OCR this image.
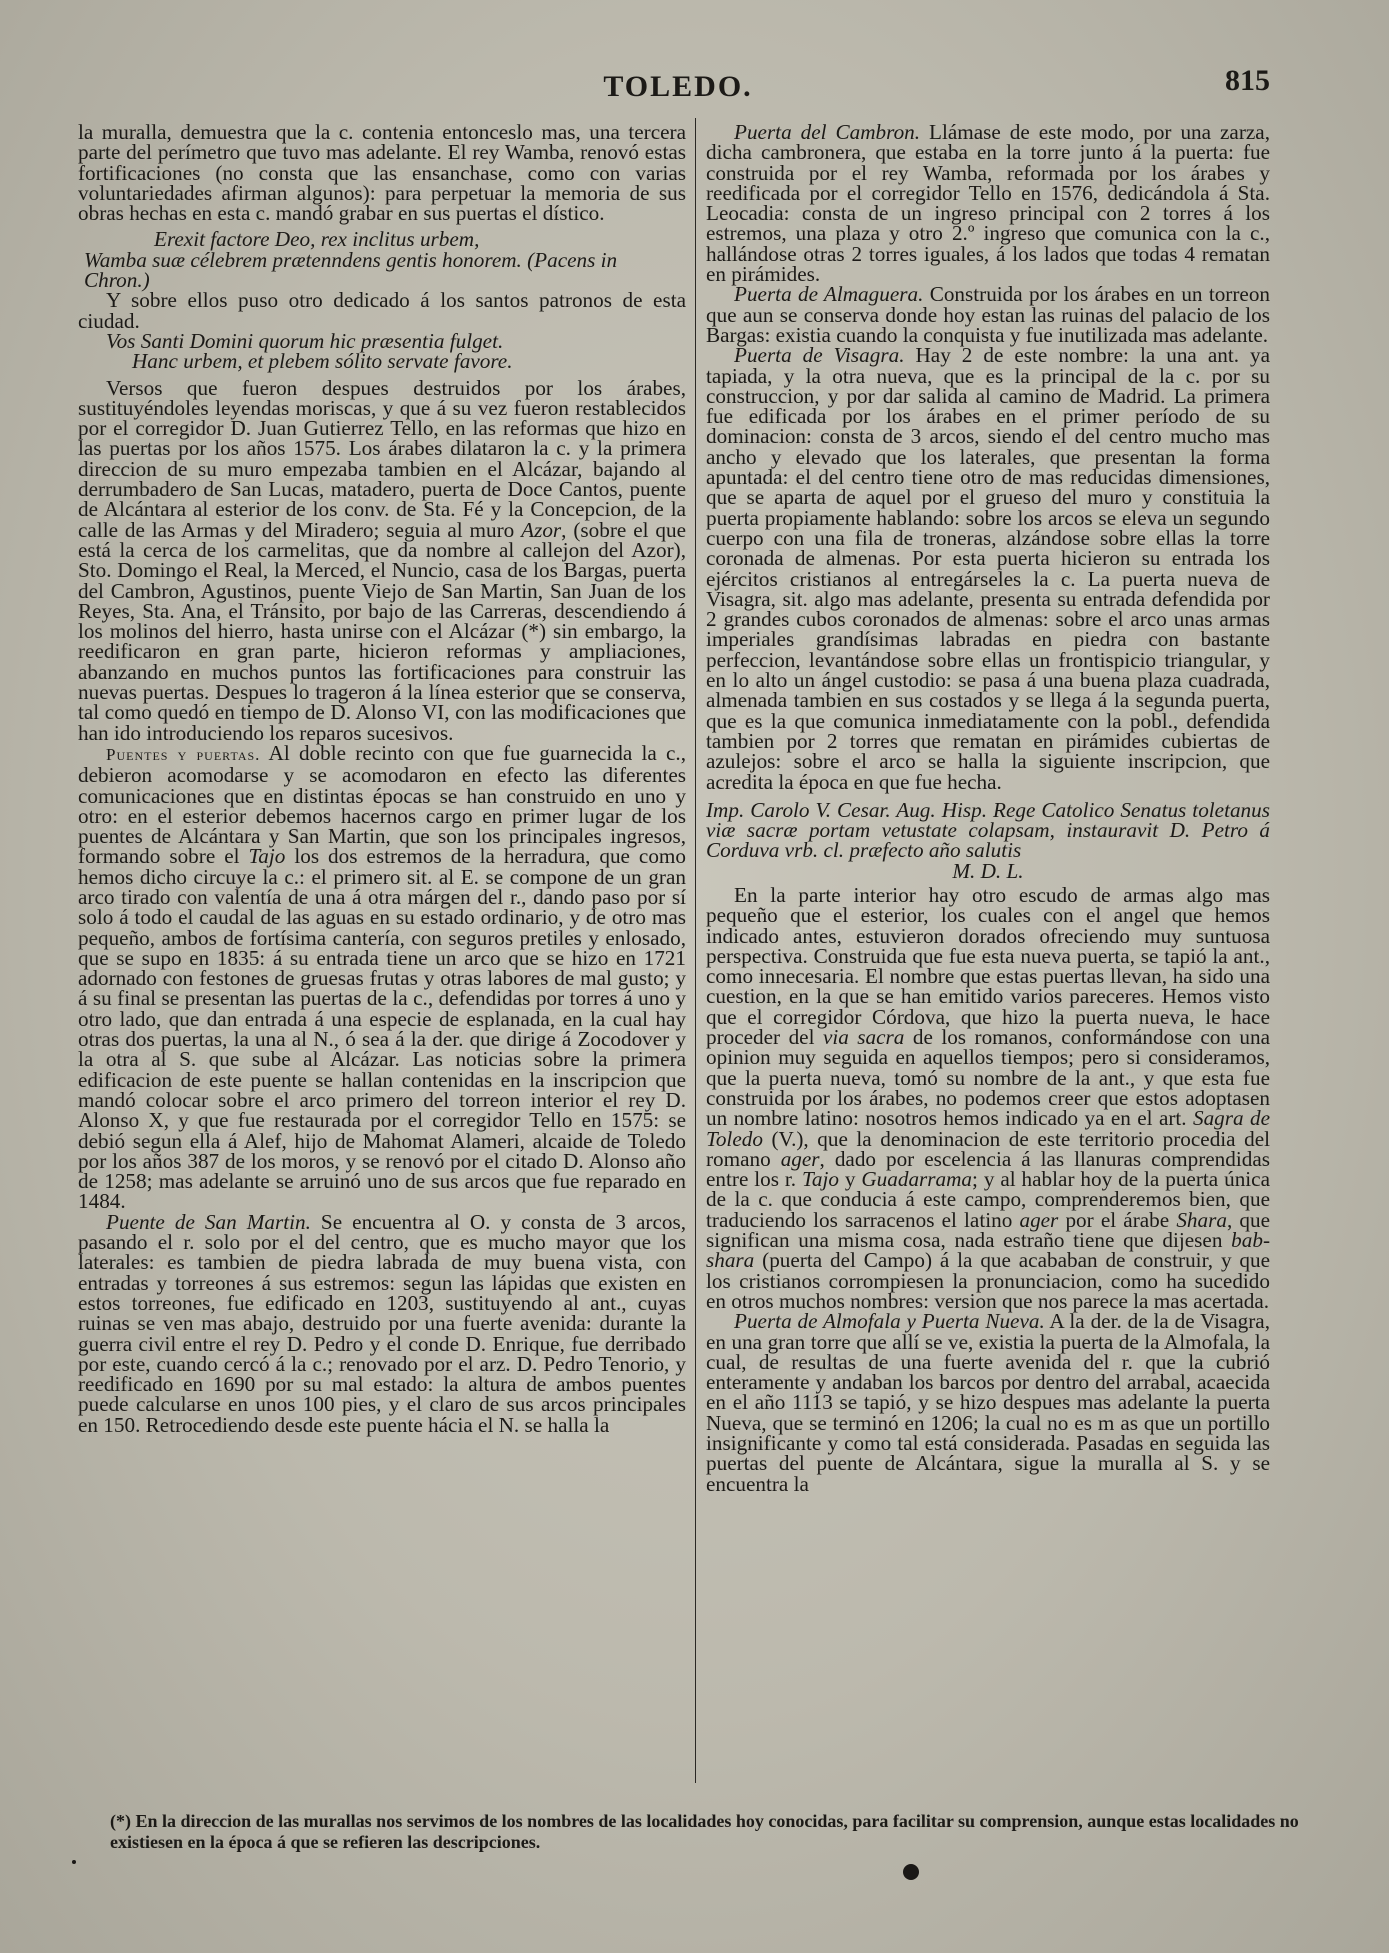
TOLEDO.	815

la muralla, demuestra que la c. contenia entonceslo mas, una tercera parte del perímetro que tuvo mas adelante. El rey Wamba, renovó estas fortificaciones (no consta que las ensanchase, como con varias voluntariedades afirman algunos): para perpetuar la memoria de sus obras hechas en esta c. mandó grabar en sus puertas el dístico.

Erexit factore Deo, rex inclitus urbem,
Wamba suæ célebrem prætenndens gentis honorem. (Pacens in Chron.)

Y sobre ellos puso otro dedicado á los santos patronos de esta ciudad.

Vos Santi Domini quorum hic præsentia fulget.
Hanc urbem, et plebem sólito servate favore.

Versos que fueron despues destruidos por los árabes, sustituyéndoles leyendas moriscas, y que á su vez fueron restablecidos por el corregidor D. Juan Gutierrez Tello, en las reformas que hizo en las puertas por los años 1575. Los árabes dilataron la c. y la primera direccion de su muro empezaba tambien en el Alcázar, bajando al derrumbadero de San Lucas, matadero, puerta de Doce Cantos, puente de Alcántara al esterior de los conv. de Sta. Fé y la Concepcion, de la calle de las Armas y del Miradero; seguia al muro Azor, (sobre el que está la cerca de los carmelitas, que da nombre al callejon del Azor), Sto. Domingo el Real, la Merced, el Nuncio, casa de los Bargas, puerta del Cambron, Agustinos, puente Viejo de San Martin, San Juan de los Reyes, Sta. Ana, el Tránsito, por bajo de las Carreras, descendiendo á los molinos del hierro, hasta unirse con el Alcázar (*) sin embargo, la reedificaron en gran parte, hicieron reformas y ampliaciones, abanzando en muchos puntos las fortificaciones para construir las nuevas puertas. Despues lo trageron á la línea esterior que se conserva, tal como quedó en tiempo de D. Alonso VI, con las modificaciones que han ido introduciendo los reparos sucesivos.

Puentes y puertas. Al doble recinto con que fue guarnecida la c., debieron acomodarse y se acomodaron en efecto las diferentes comunicaciones que en distintas épocas se han construido en uno y otro: en el esterior debemos hacernos cargo en primer lugar de los puentes de Alcántara y San Martin, que son los principales ingresos, formando sobre el Tajo los dos estremos de la herradura, que como hemos dicho circuye la c.: el primero sit. al E. se compone de un gran arco tirado con valentía de una á otra márgen del r., dando paso por sí solo á todo el caudal de las aguas en su estado ordinario, y de otro mas pequeño, ambos de fortísima cantería, con seguros pretiles y enlosado, que se supo en 1835: á su entrada tiene un arco que se hizo en 1721 adornado con festones de gruesas frutas y otras labores de mal gusto; y á su final se presentan las puertas de la c., defendidas por torres á uno y otro lado, que dan entrada á una especie de esplanada, en la cual hay otras dos puertas, la una al N., ó sea á la der. que dirige á Zocodover y la otra al S. que sube al Alcázar. Las noticias sobre la primera edificacion de este puente se hallan contenidas en la inscripcion que mandó colocar sobre el arco primero del torreon interior el rey D. Alonso X, y que fue restaurada por el corregidor Tello en 1575: se debió segun ella á Alef, hijo de Mahomat Alameri, alcaide de Toledo por los años 387 de los moros, y se renovó por el citado D. Alonso año de 1258; mas adelante se arruinó uno de sus arcos que fue reparado en 1484.

Puente de San Martin. Se encuentra al O. y consta de 3 arcos, pasando el r. solo por el del centro, que es mucho mayor que los laterales: es tambien de piedra labrada de muy buena vista, con entradas y torreones á sus estremos: segun las lápidas que existen en estos torreones, fue edificado en 1203, sustituyendo al ant., cuyas ruinas se ven mas abajo, destruido por una fuerte avenida: durante la guerra civil entre el rey D. Pedro y el conde D. Enrique, fue derribado por este, cuando cercó á la c.; renovado por el arz. D. Pedro Tenorio, y reedificado en 1690 por su mal estado: la altura de ambos puentes puede calcularse en unos 100 pies, y el claro de sus arcos principales en 150. Retrocediendo desde este puente hácia el N. se halla la

Puerta del Cambron. Llámase de este modo, por una zarza, dicha cambronera, que estaba en la torre junto á la puerta: fue construida por el rey Wamba, reformada por los árabes y reedificada por el corregidor Tello en 1576, dedicándola á Sta. Leocadia: consta de un ingreso principal con 2 torres á los estremos, una plaza y otro 2.º ingreso que comunica con la c., hallándose otras 2 torres iguales, á los lados que todas 4 rematan en pirámides.

Puerta de Almaguera. Construida por los árabes en un torreon que aun se conserva donde hoy estan las ruinas del palacio de los Bargas: existia cuando la conquista y fue inutilizada mas adelante.

Puerta de Visagra. Hay 2 de este nombre: la una ant. ya tapiada, y la otra nueva, que es la principal de la c. por su construccion, y por dar salida al camino de Madrid. La primera fue edificada por los árabes en el primer período de su dominacion: consta de 3 arcos, siendo el del centro mucho mas ancho y elevado que los laterales, que presentan la forma apuntada: el del centro tiene otro de mas reducidas dimensiones, que se aparta de aquel por el grueso del muro y constituia la puerta propiamente hablando: sobre los arcos se eleva un segundo cuerpo con una fila de troneras, alzándose sobre ellas la torre coronada de almenas. Por esta puerta hicieron su entrada los ejércitos cristianos al entregárseles la c. La puerta nueva de Visagra, sit. algo mas adelante, presenta su entrada defendida por 2 grandes cubos coronados de almenas: sobre el arco unas armas imperiales grandísimas labradas en piedra con bastante perfeccion, levantándose sobre ellas un frontispicio triangular, y en lo alto un ángel custodio: se pasa á una buena plaza cuadrada, almenada tambien en sus costados y se llega á la segunda puerta, que es la que comunica inmediatamente con la pobl., defendida tambien por 2 torres que rematan en pirámides cubiertas de azulejos: sobre el arco se halla la siguiente inscripcion, que acredita la época en que fue hecha.

Imp. Carolo V. Cesar. Aug. Hisp. Rege Catolico Senatus toletanus viæ sacræ portam vetustate colapsam, instauravit D. Petro á Corduva vrb. cl. præfecto año salutis
M. D. L.

En la parte interior hay otro escudo de armas algo mas pequeño que el esterior, los cuales con el angel que hemos indicado antes, estuvieron dorados ofreciendo muy suntuosa perspectiva. Construida que fue esta nueva puerta, se tapió la ant., como innecesaria. El nombre que estas puertas llevan, ha sido una cuestion, en la que se han emitido varios pareceres. Hemos visto que el corregidor Córdova, que hizo la puerta nueva, le hace proceder del via sacra de los romanos, conformándose con una opinion muy seguida en aquellos tiempos; pero si consideramos, que la puerta nueva, tomó su nombre de la ant., y que esta fue construida por los árabes, no podemos creer que estos adoptasen un nombre latino: nosotros hemos indicado ya en el art. Sagra de Toledo (V.), que la denominacion de este territorio procedia del romano ager, dado por escelencia á las llanuras comprendidas entre los r. Tajo y Guadarrama; y al hablar hoy de la puerta única de la c. que conducia á este campo, comprenderemos bien, que traduciendo los sarracenos el latino ager por el árabe Shara, que significan una misma cosa, nada estraño tiene que dijesen bab-shara (puerta del Campo) á la que acababan de construir, y que los cristianos corrompiesen la pronunciacion, como ha sucedido en otros muchos nombres: version que nos parece la mas acertada.

Puerta de Almofala y Puerta Nueva. A la der. de la de Visagra, en una gran torre que allí se ve, existia la puerta de la Almofala, la cual, de resultas de una fuerte avenida del r. que la cubrió enteramente y andaban los barcos por dentro del arrabal, acaecida en el año 1113 se tapió, y se hizo despues mas adelante la puerta Nueva, que se terminó en 1206; la cual no es m as que un portillo insignificante y como tal está considerada. Pasadas en seguida las puertas del puente de Alcántara, sigue la muralla al S. y se encuentra la

(*) En la direccion de las murallas nos servimos de los nombres de las localidades hoy conocidas, para facilitar su comprension, aunque estas localidades no existiesen en la época á que se refieren las descripciones.
